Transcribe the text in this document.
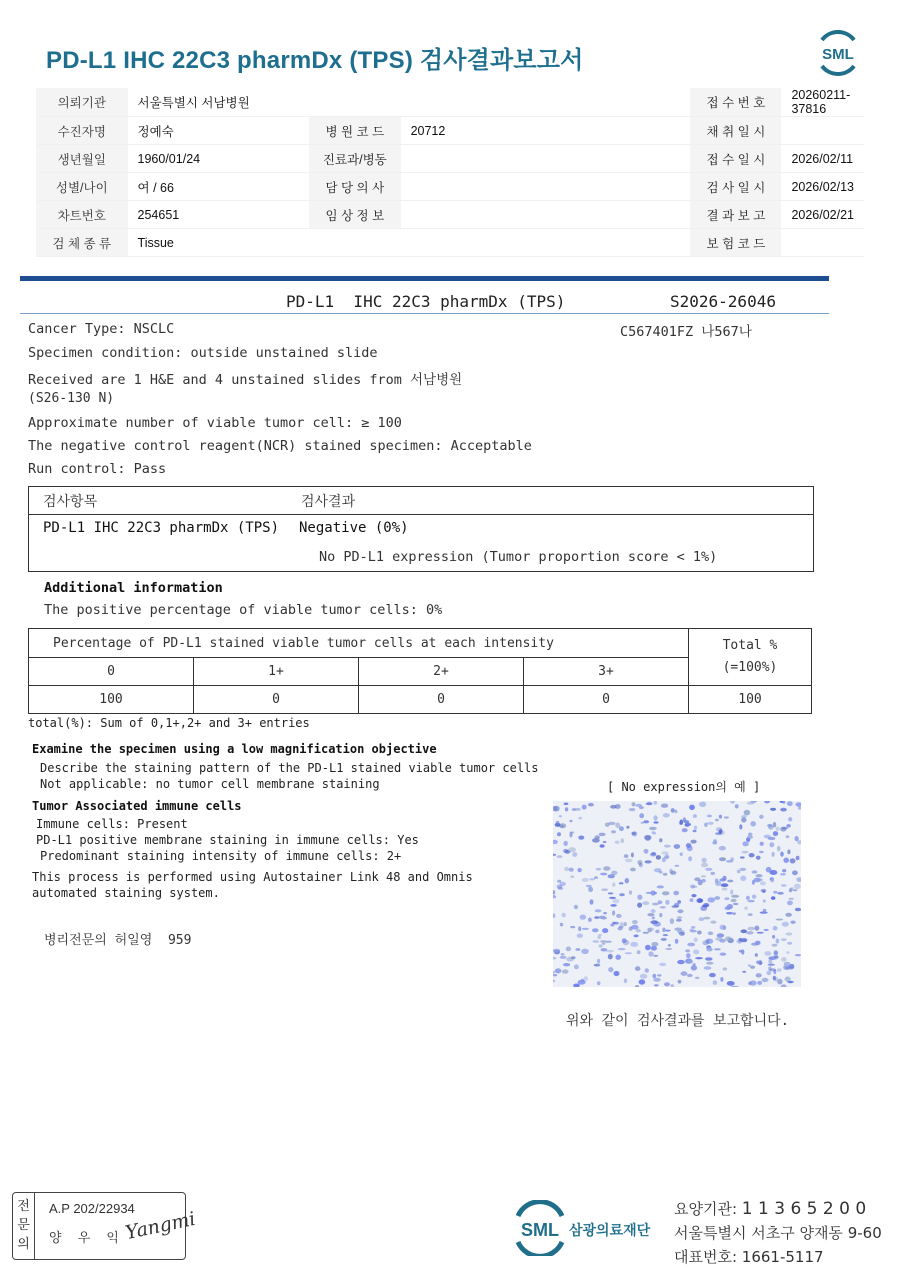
PD-L1 IHC 22C3 pharmDx (TPS) 검사결과보고서	SML
의뢰기관	서울특별시 서남병원				접 수 번 호	20260211-37816
수진자명	정예숙	병 원 코 드	20712		채 취 일 시	
생년월일	1960/01/24	진료과/병동			접 수 일 시	2026/02/11
성별/나이	여 / 66	담 당 의 사			검 사 일 시	2026/02/13
차트번호	254651	임 상 정 보			결 과 보 고	2026/02/21
검 체 종 류	Tissue				보 험 코 드	
PD-L1  IHC 22C3 pharmDx (TPS)	S2026-26046
Cancer Type: NSCLC	C567401FZ 나567나
Specimen condition: outside unstained slide
Received are 1 H&E and 4 unstained slides from 서남병원
(S26-130 N)
Approximate number of viable tumor cell: ≥ 100
The negative control reagent(NCR) stained specimen: Acceptable
Run control: Pass
검사항목	검사결과
PD-L1 IHC 22C3 pharmDx (TPS) Negative (0%)
No PD-L1 expression (Tumor proportion score < 1%)
Additional information
The positive percentage of viable tumor cells: 0%
Percentage of PD-L1 stained viable tumor cells at each intensity				Total %
(=100%)
0	1+	2+	3+	
100	0	0	0	100
total(%): Sum of 0,1+,2+ and 3+ entries
Examine the specimen using a low magnification objective
Describe the staining pattern of the PD-L1 stained viable tumor cells
Not applicable: no tumor cell membrane staining
Tumor Associated immune cells
Immune cells: Present
PD-L1 positive membrane staining in immune cells: Yes
Predominant staining intensity of immune cells: 2+
This process is performed using Autostainer Link 48 and Omnis
automated staining system.
병리전문의 허일영  959
[ No expression의 예 ]
위와 같이 검사결과를 보고합니다.
전
문
의
A.P 202/22934
양 우 익
Yangmi	SML 삼광의료재단
요양기관: 1 1 3 6 5 2 0 0
서울특별시 서초구 양재동 9-60
대표번호: 1661-5117
